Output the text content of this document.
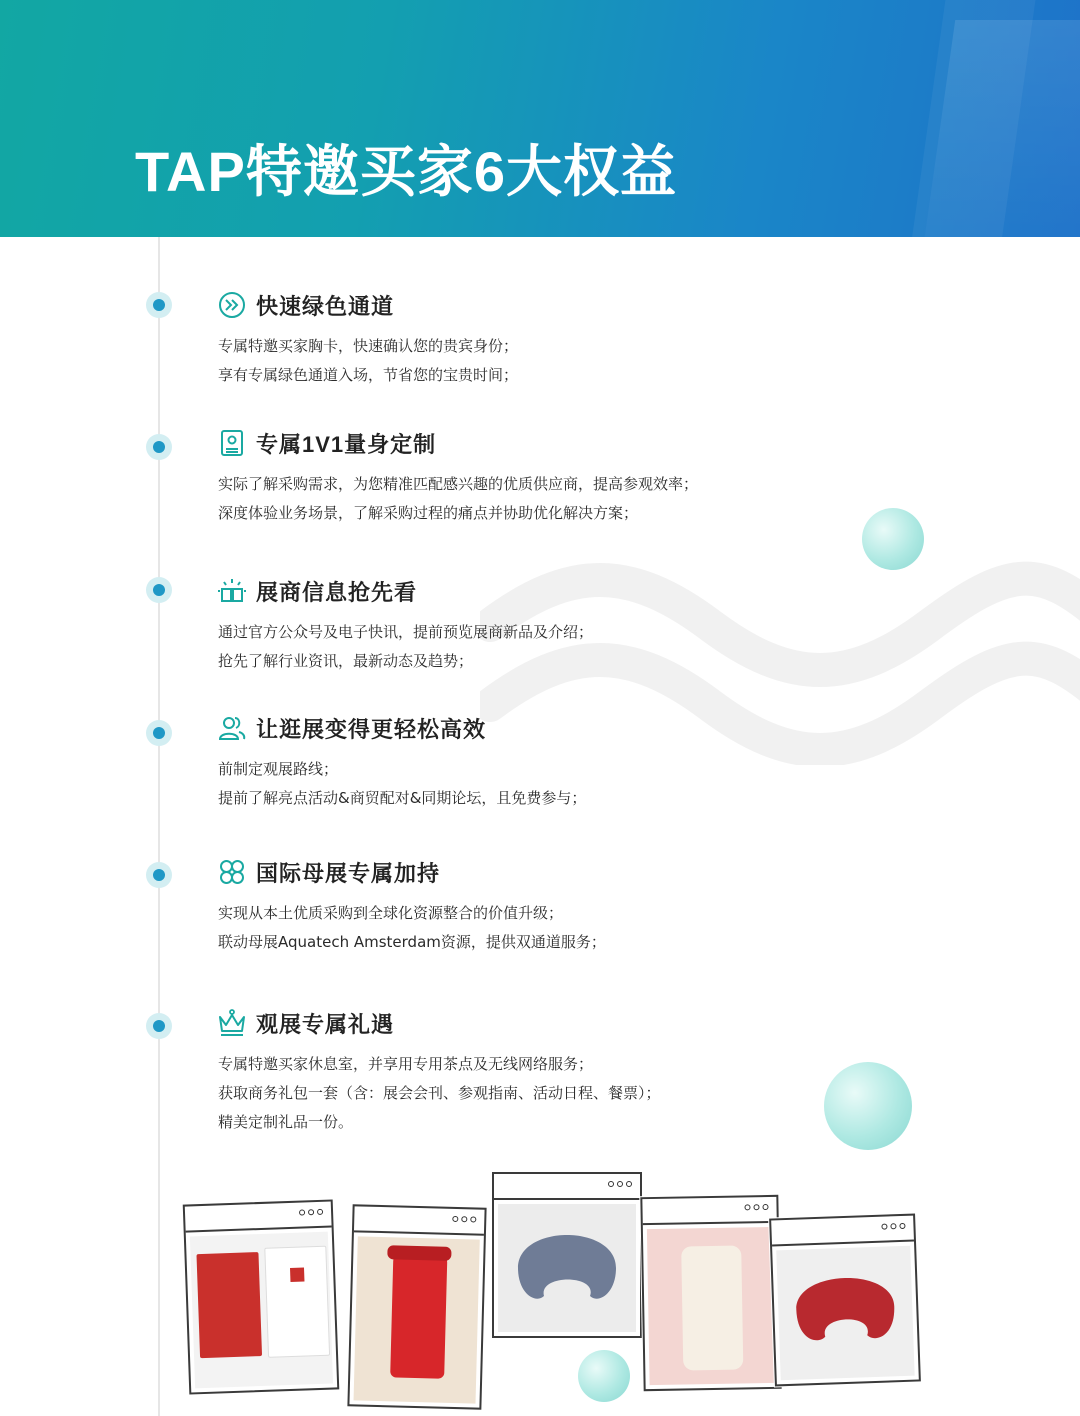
TAP特邀买家6大权益
快速绿色通道
专属特邀买家胸卡，快速确认您的贵宾身份；
享有专属绿色通道入场，节省您的宝贵时间；
专属1V1量身定制
实际了解采购需求，为您精准匹配感兴趣的优质供应商，提高参观效率；
深度体验业务场景，了解采购过程的痛点并协助优化解决方案；
展商信息抢先看
通过官方公众号及电子快讯，提前预览展商新品及介绍；
抢先了解行业资讯，最新动态及趋势；
让逛展变得更轻松高效
前制定观展路线；
提前了解亮点活动&商贸配对&同期论坛，且免费参与；
国际母展专属加持
实现从本土优质采购到全球化资源整合的价值升级；
联动母展Aquatech Amsterdam资源，提供双通道服务；
观展专属礼遇
专属特邀买家休息室，并享用专用茶点及无线网络服务；
获取商务礼包一套（含：展会会刊、参观指南、活动日程、餐票）；
精美定制礼品一份。
